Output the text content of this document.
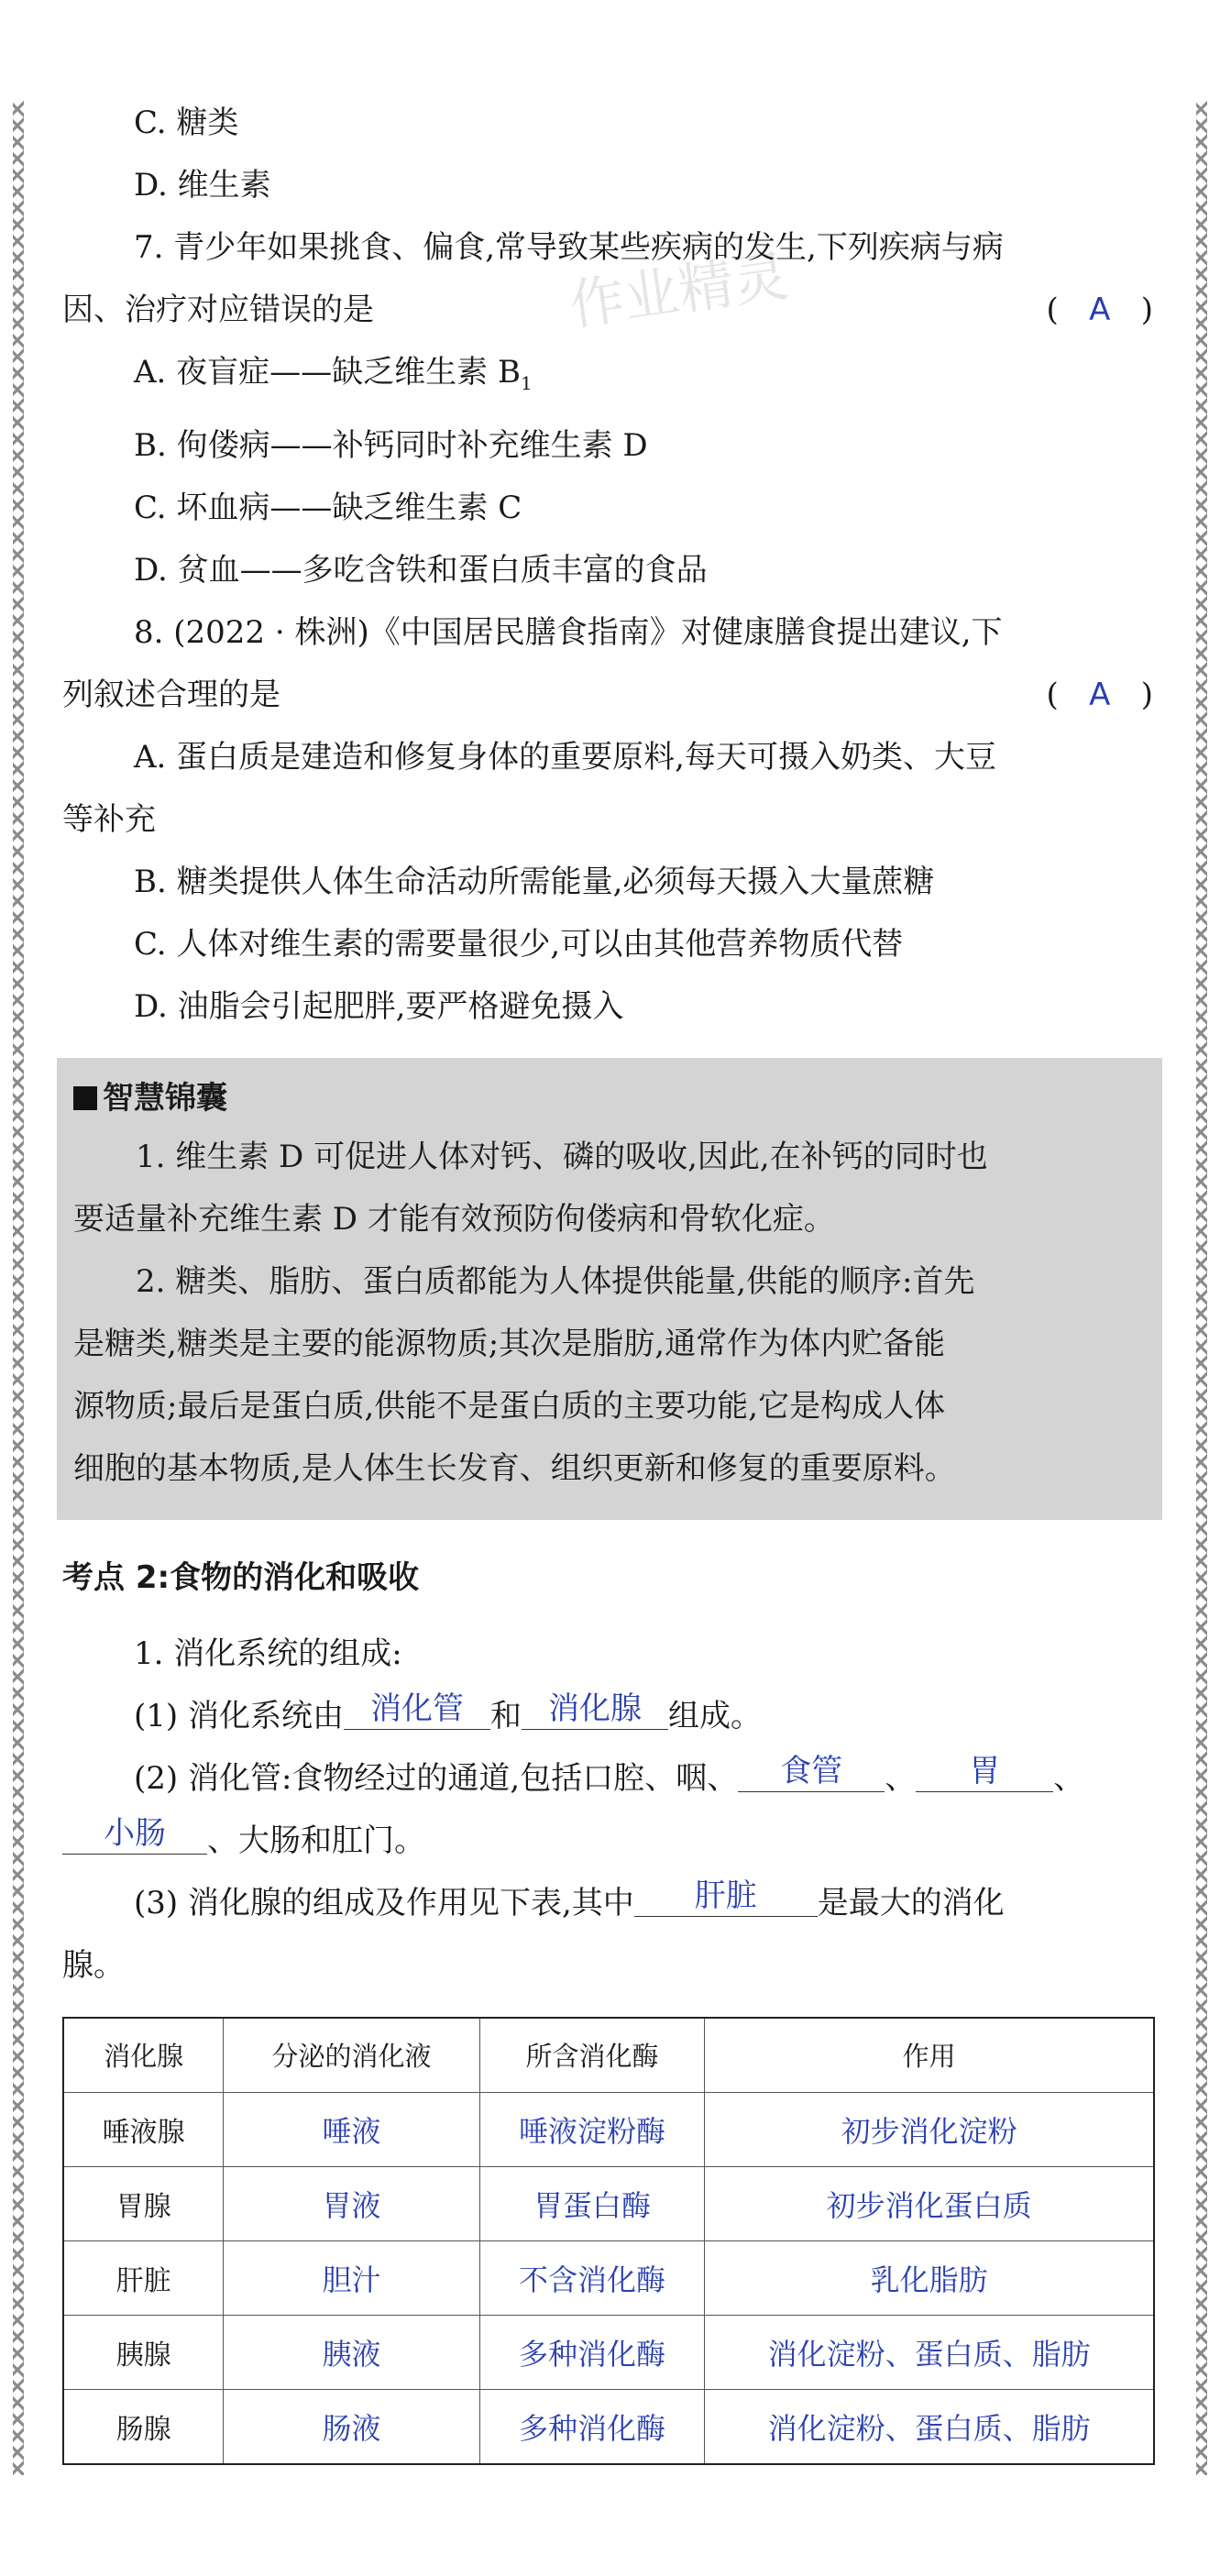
作业精灵
C. 糖类
D. 维生素
7. 青少年如果挑食、偏食,常导致某些疾病的发生,下列疾病与病
因、治疗对应错误的是	( A )
A. 夜盲症——缺乏维生素 $B_1$
B. 佝偻病——补钙同时补充维生素 D
C. 坏血病——缺乏维生素 C
D. 贫血——多吃含铁和蛋白质丰富的食品
8. (2022 · 株洲)《中国居民膳食指南》对健康膳食提出建议,下
列叙述合理的是	( A )
A. 蛋白质是建造和修复身体的重要原料,每天可摄入奶类、大豆
等补充
B. 糖类提供人体生命活动所需能量,必须每天摄入大量蔗糖
C. 人体对维生素的需要量很少,可以由其他营养物质代替
D. 油脂会引起肥胖,要严格避免摄入
智慧锦囊
1. 维生素 D 可促进人体对钙、磷的吸收,因此,在补钙的同时也
要适量补充维生素 D 才能有效预防佝偻病和骨软化症。
2. 糖类、脂肪、蛋白质都能为人体提供能量,供能的顺序:首先
是糖类,糖类是主要的能源物质;其次是脂肪,通常作为体内贮备能
源物质;最后是蛋白质,供能不是蛋白质的主要功能,它是构成人体
细胞的基本物质,是人体生长发育、组织更新和修复的重要原料。
考点 2:食物的消化和吸收
1. 消化系统的组成:
(1) 消化系统由 消化管 和 消化腺 组成。
(2) 消化管:食物经过的通道,包括口腔、咽、 食管 、 胃 、
小肠 、大肠和肛门。
(3) 消化腺的组成及作用见下表,其中 肝脏 是最大的消化
腺。
消化腺	分泌的消化液	所含消化酶	作用
唾液腺	唾液	唾液淀粉酶	初步消化淀粉
胃腺	胃液	胃蛋白酶	初步消化蛋白质
肝脏	胆汁	不含消化酶	乳化脂肪
胰腺	胰液	多种消化酶	消化淀粉、蛋白质、脂肪
肠腺	肠液	多种消化酶	消化淀粉、蛋白质、脂肪
